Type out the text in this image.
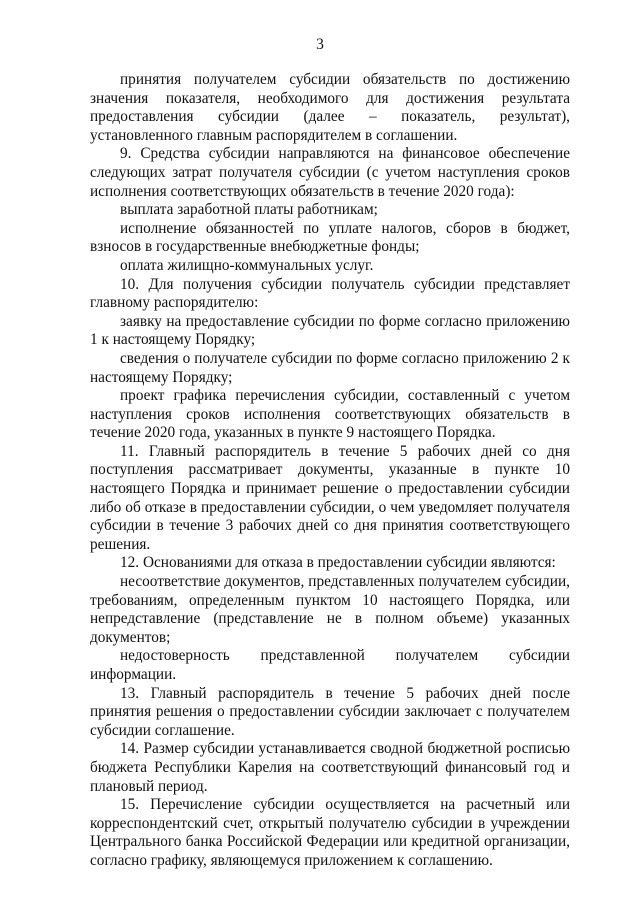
3

принятия получателем субсидии обязательств по достижению значения показателя, необходимого для достижения результата предоставления субсидии (далее – показатель, результат), установленного главным распорядителем в соглашении.

9. Средства субсидии направляются на финансовое обеспечение следующих затрат получателя субсидии (с учетом наступления сроков исполнения соответствующих обязательств в течение 2020 года):

выплата заработной платы работникам;

исполнение обязанностей по уплате налогов, сборов в бюджет, взносов в государственные внебюджетные фонды;

оплата жилищно-коммунальных услуг.

10. Для получения субсидии получатель субсидии представляет главному распорядителю:

заявку на предоставление субсидии по форме согласно приложению 1 к настоящему Порядку;

сведения о получателе субсидии по форме согласно приложению 2 к настоящему Порядку;

проект графика перечисления субсидии, составленный с учетом наступления сроков исполнения соответствующих обязательств в течение 2020 года, указанных в пункте 9 настоящего Порядка.

11. Главный распорядитель в течение 5 рабочих дней со дня поступления рассматривает документы, указанные в пункте 10 настоящего Порядка и принимает решение о предоставлении субсидии либо об отказе в предоставлении субсидии, о чем уведомляет получателя субсидии в течение 3 рабочих дней со дня принятия соответствующего решения.

12. Основаниями для отказа в предоставлении субсидии являются:

несоответствие документов, представленных получателем субсидии, требованиям, определенным пунктом 10 настоящего Порядка, или непредставление (представление не в полном объеме) указанных документов;

недостоверность представленной получателем субсидии информации.

13. Главный распорядитель в течение 5 рабочих дней после принятия решения о предоставлении субсидии заключает с получателем субсидии соглашение.

14. Размер субсидии устанавливается сводной бюджетной росписью бюджета Республики Карелия на соответствующий финансовый год и плановый период.

15. Перечисление субсидии осуществляется на расчетный или корреспондентский счет, открытый получателю субсидии в учреждении Центрального банка Российской Федерации или кредитной организации, согласно графику, являющемуся приложением к соглашению.
